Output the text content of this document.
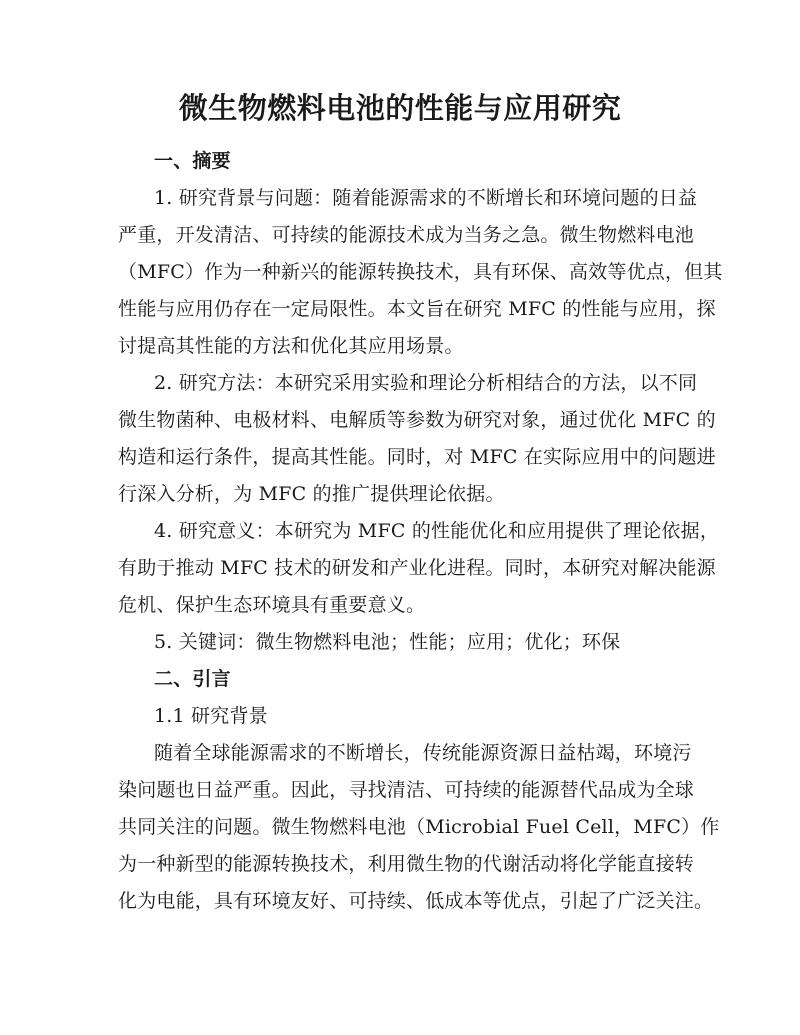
微生物燃料电池的性能与应用研究
一、摘要
1. 研究背景与问题：随着能源需求的不断增长和环境问题的日益
严重，开发清洁、可持续的能源技术成为当务之急。微生物燃料电池
（MFC）作为一种新兴的能源转换技术，具有环保、高效等优点，但其
性能与应用仍存在一定局限性。本文旨在研究 MFC 的性能与应用，探
讨提高其性能的方法和优化其应用场景。
2. 研究方法：本研究采用实验和理论分析相结合的方法，以不同
微生物菌种、电极材料、电解质等参数为研究对象，通过优化 MFC 的
构造和运行条件，提高其性能。同时，对 MFC 在实际应用中的问题进
行深入分析，为 MFC 的推广提供理论依据。
4. 研究意义：本研究为 MFC 的性能优化和应用提供了理论依据，
有助于推动 MFC 技术的研发和产业化进程。同时，本研究对解决能源
危机、保护生态环境具有重要意义。
5. 关键词：微生物燃料电池；性能；应用；优化；环保
二、引言
1.1 研究背景
随着全球能源需求的不断增长，传统能源资源日益枯竭，环境污
染问题也日益严重。因此，寻找清洁、可持续的能源替代品成为全球
共同关注的问题。微生物燃料电池（Microbial Fuel Cell，MFC）作
为一种新型的能源转换技术，利用微生物的代谢活动将化学能直接转
化为电能，具有环境友好、可持续、低成本等优点，引起了广泛关注。
